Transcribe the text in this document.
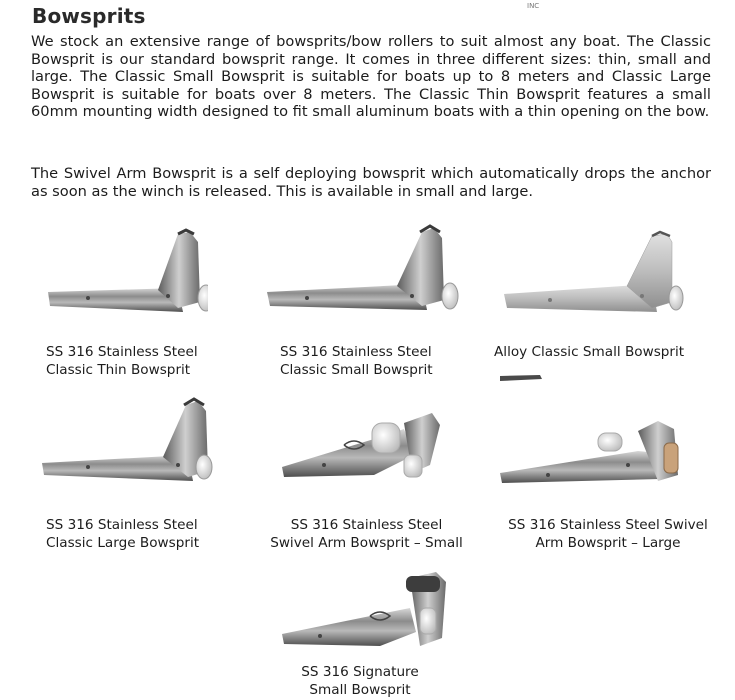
Bowsprits	INC

We stock an extensive range of bowsprits/bow rollers to suit almost any boat. The Classic Bowsprit is our standard bowsprit range. It comes in three different sizes: thin, small and large. The Classic Small Bowsprit is suitable for boats up to 8 meters and Classic Large Bowsprit is suitable for boats over 8 meters. The Classic Thin Bowsprit features a small 60mm mounting width designed to fit small aluminum boats with a thin opening on the bow.

The Swivel Arm Bowsprit is a self deploying bowsprit which automatically drops the anchor as soon as the winch is released. This is available in small and large.

SS 316 Stainless Steel
Classic Thin Bowsprit
SS 316 Stainless Steel
Classic Small Bowsprit
Alloy Classic Small Bowsprit
SS 316 Stainless Steel
Classic Large Bowsprit
SS 316 Stainless Steel
Swivel Arm Bowsprit – Small
SS 316 Stainless Steel Swivel
Arm Bowsprit – Large
SS 316 Signature
Small Bowsprit
